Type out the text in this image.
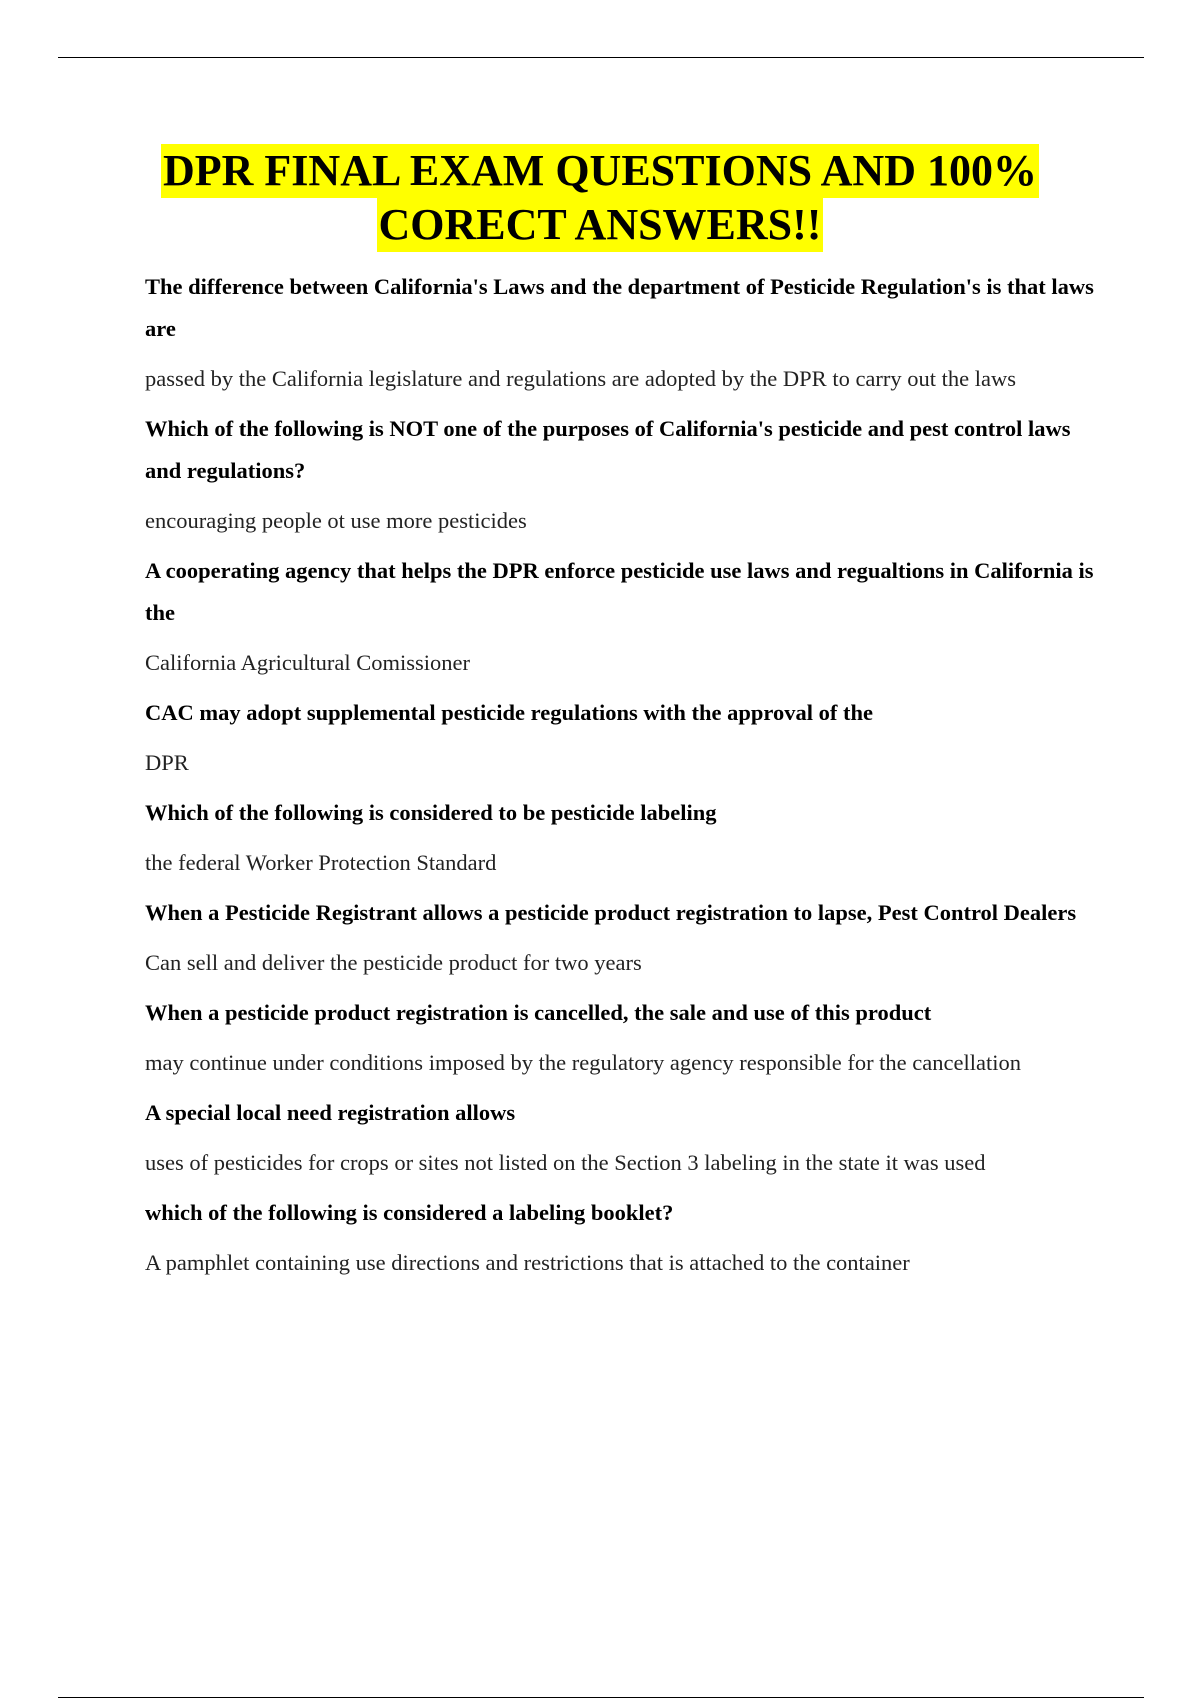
DPR FINAL EXAM QUESTIONS AND 100%
CORECT ANSWERS!!

The difference between California's Laws and the department of Pesticide Regulation's is that laws are

passed by the California legislature and regulations are adopted by the DPR to carry out the laws

Which of the following is NOT one of the purposes of California's pesticide and pest control laws and regulations?

encouraging people ot use more pesticides

A cooperating agency that helps the DPR enforce pesticide use laws and regualtions in California is the

California Agricultural Comissioner

CAC may adopt supplemental pesticide regulations with the approval of the

DPR

Which of the following is considered to be pesticide labeling

the federal Worker Protection Standard

When a Pesticide Registrant allows a pesticide product registration to lapse, Pest Control Dealers

Can sell and deliver the pesticide product for two years

When a pesticide product registration is cancelled, the sale and use of this product

may continue under conditions imposed by the regulatory agency responsible for the cancellation

A special local need registration allows

uses of pesticides for crops or sites not listed on the Section 3 labeling in the state it was used

which of the following is considered a labeling booklet?

A pamphlet containing use directions and restrictions that is attached to the container
